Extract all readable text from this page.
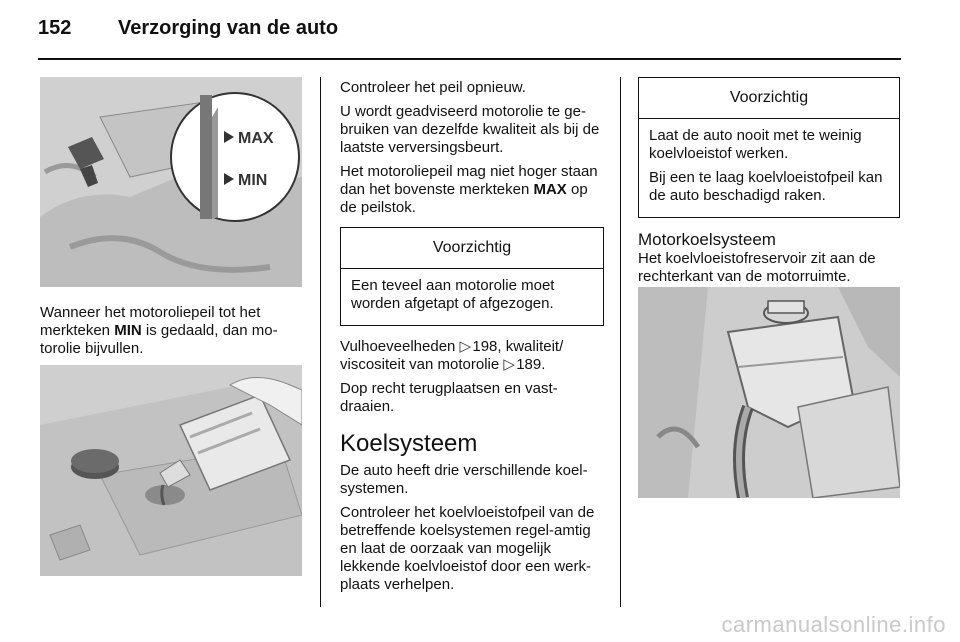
152	Verzorging van de auto
MAX
MIN

Wanneer het motoroliepeil tot het merkteken MIN is gedaald, dan mo-torolie bijvullen.

Controleer het peil opnieuw.

U wordt geadviseerd motorolie te ge-bruiken van dezelfde kwaliteit als bij de laatste verversingsbeurt.

Het motoroliepeil mag niet hoger staan dan het bovenste merkteken MAX op de peilstok.

Voorzichtig

Een teveel aan motorolie moet worden afgetapt of afgezogen.

Vulhoeveelheden ▷ 198, kwaliteit/ viscositeit van motorolie ▷ 189.

Dop recht terugplaatsen en vast-draaien.

Koelsysteem

De auto heeft drie verschillende koel-systemen.

Controleer het koelvloeistofpeil van de betreffende koelsystemen regel-amtig en laat de oorzaak van mogelijk lekkende koelvloeistof door een werk-plaats verhelpen.

Voorzichtig

Laat de auto nooit met te weinig koelvloeistof werken.

Bij een te laag koelvloeistofpeil kan de auto beschadigd raken.

Motorkoelsysteem

Het koelvloeistofreservoir zit aan de rechterkant van de motorruimte.

carmanualsonline.info
